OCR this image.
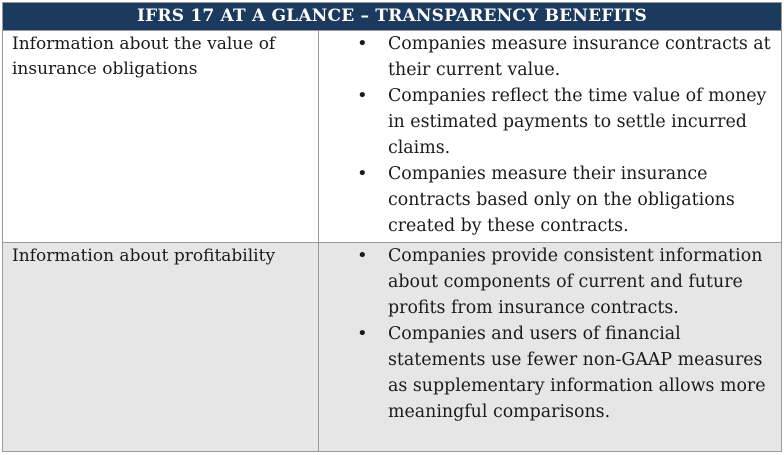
IFRS 17 AT A GLANCE – TRANSPARENCY BENEFITS
Information about the value of insurance obligations
• Companies measure insurance contracts at their current value.
• Companies reflect the time value of money in estimated payments to settle incurred claims.
• Companies measure their insurance contracts based only on the obligations created by these contracts.
Information about profitability
•	Companies provide consistent information about components of current and future profits from insurance contracts.
• Companies and users of financial statements use fewer non-GAAP measures as supplementary information allows more meaningful comparisons.
